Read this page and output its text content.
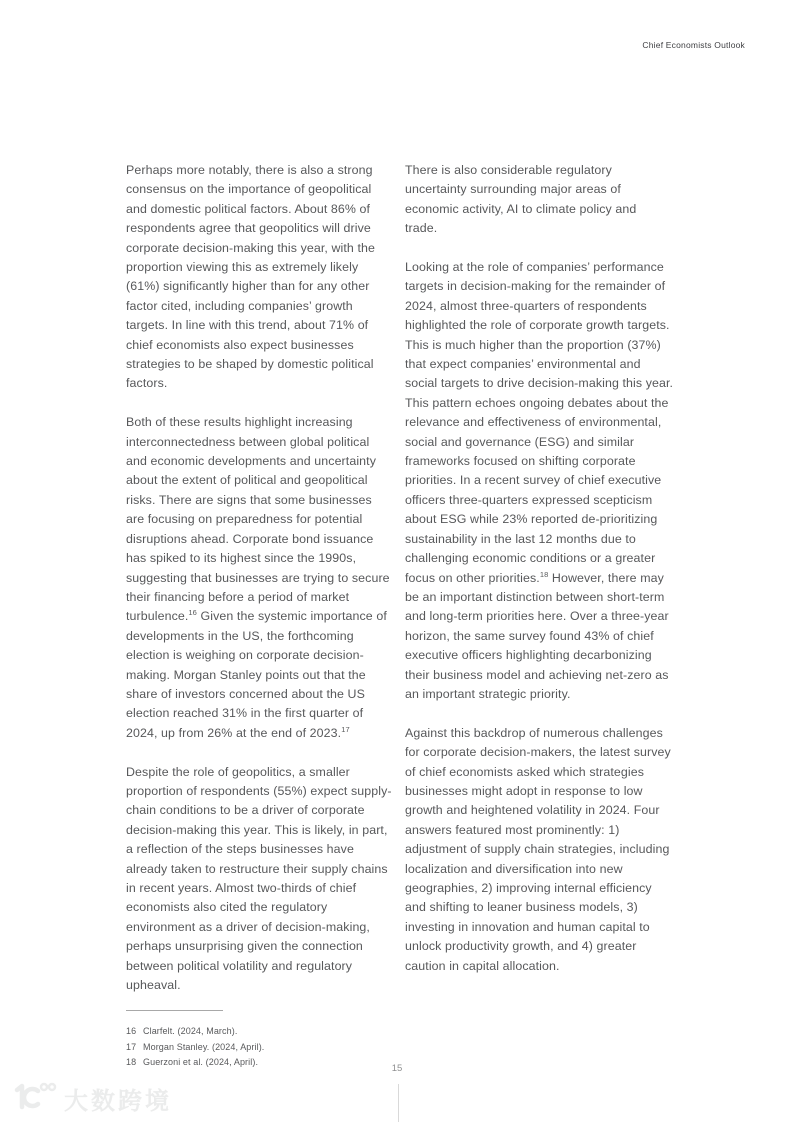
Chief Economists Outlook

Perhaps more notably, there is also a strong consensus on the importance of geopolitical and domestic political factors. About 86% of respondents agree that geopolitics will drive corporate decision-making this year, with the proportion viewing this as extremely likely (61%) significantly higher than for any other factor cited, including companies’ growth targets. In line with this trend, about 71% of chief economists also expect businesses strategies to be shaped by domestic political factors.

Both of these results highlight increasing interconnectedness between global political and economic developments and uncertainty about the extent of political and geopolitical risks. There are signs that some businesses are focusing on preparedness for potential disruptions ahead. Corporate bond issuance has spiked to its highest since the 1990s, suggesting that businesses are trying to secure their financing before a period of market turbulence.$^{16}$ Given the systemic importance of developments in the US, the forthcoming election is weighing on corporate decision-making. Morgan Stanley points out that the share of investors concerned about the US election reached 31% in the first quarter of 2024, up from 26% at the end of 2023.17

Despite the role of geopolitics, a smaller proportion of respondents (55%) expect supply-chain conditions to be a driver of corporate decision-making this year. This is likely, in part, a reflection of the steps businesses have already taken to restructure their supply chains in recent years. Almost two-thirds of chief economists also cited the regulatory environment as a driver of decision-making, perhaps unsurprising given the connection between political volatility and regulatory upheaval.

There is also considerable regulatory uncertainty surrounding major areas of economic activity, AI to climate policy and trade.

Looking at the role of companies’ performance targets in decision-making for the remainder of 2024, almost three-quarters of respondents highlighted the role of corporate growth targets. This is much higher than the proportion (37%) that expect companies’ environmental and social targets to drive decision-making this year. This pattern echoes ongoing debates about the relevance and effectiveness of environmental, social and governance (ESG) and similar frameworks focused on shifting corporate priorities. In a recent survey of chief executive officers three-quarters expressed scepticism about ESG while 23% reported de-prioritizing sustainability in the last 12 months due to challenging economic conditions or a greater focus on other priorities.$^{18}$ However, there may be an important distinction between short-term and long-term priorities here. Over a three-year horizon, the same survey found 43% of chief executive officers highlighting decarbonizing their business model and achieving net-zero as an important strategic priority.

Against this backdrop of numerous challenges for corporate decision-makers, the latest survey of chief economists asked which strategies businesses might adopt in response to low growth and heightened volatility in 2024. Four answers featured most prominently: 1) adjustment of supply chain strategies, including localization and diversification into new geographies, 2) improving internal efficiency and shifting to leaner business models, 3) investing in innovation and human capital to unlock productivity growth, and 4) greater caution in capital allocation.

16 Clarfelt. (2024, March).
17 Morgan Stanley. (2024, April).
18 Guerzoni et al. (2024, April).
15
大数跨境
